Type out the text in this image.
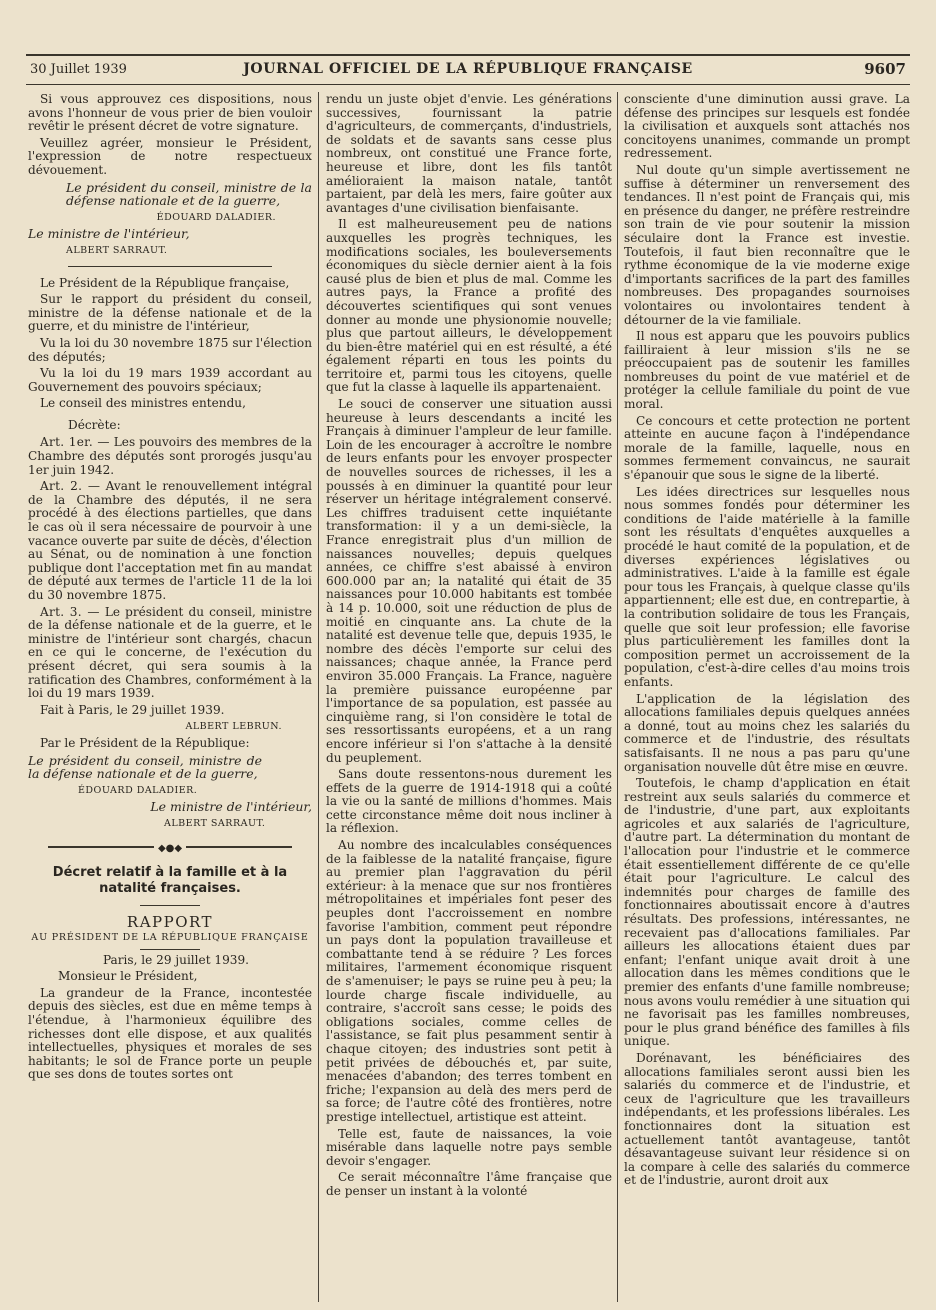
30 Juillet 1939	JOURNAL OFFICIEL DE LA RÉPUBLIQUE FRANÇAISE	9607

Si vous approuvez ces dispositions, nous avons l'honneur de vous prier de bien vouloir revêtir le présent décret de votre signature.

Veuillez agréer, monsieur le Président, l'expression de notre respectueux dévouement.

Le président du conseil, ministre de la défense nationale et de la guerre,

ÉDOUARD DALADIER.

Le ministre de l'intérieur,

ALBERT SARRAUT.

Le Président de la République française,

Sur le rapport du président du conseil, ministre de la défense nationale et de la guerre, et du ministre de l'intérieur,

Vu la loi du 30 novembre 1875 sur l'élection des députés;

Vu la loi du 19 mars 1939 accordant au Gouvernement des pouvoirs spéciaux;

Le conseil des ministres entendu,

Décrète:

Art. 1er. — Les pouvoirs des membres de la Chambre des députés sont prorogés jusqu'au 1er juin 1942.

Art. 2. — Avant le renouvellement intégral de la Chambre des députés, il ne sera procédé à des élections partielles, que dans le cas où il sera nécessaire de pourvoir à une vacance ouverte par suite de décès, d'élection au Sénat, ou de nomination à une fonction publique dont l'acceptation met fin au mandat de député aux termes de l'article 11 de la loi du 30 novembre 1875.

Art. 3. — Le président du conseil, ministre de la défense nationale et de la guerre, et le ministre de l'intérieur sont chargés, chacun en ce qui le concerne, de l'exécution du présent décret, qui sera soumis à la ratification des Chambres, conformément à la loi du 19 mars 1939.

Fait à Paris, le 29 juillet 1939.

ALBERT LEBRUN.

Par le Président de la République:

Le président du conseil, ministre de la défense nationale et de la guerre,

ÉDOUARD DALADIER.

Le ministre de l'intérieur,

ALBERT SARRAUT.

◆●◆
Décret relatif à la famille et à la natalité françaises.
RAPPORT
AU PRÉSIDENT DE LA RÉPUBLIQUE FRANÇAISE

Paris, le 29 juillet 1939.

Monsieur le Président,

La grandeur de la France, incontestée depuis des siècles, est due en même temps à l'étendue, à l'harmonieux équilibre des richesses dont elle dispose, et aux qualités intellectuelles, physiques et morales de ses habitants; le sol de France porte un peuple que ses dons de toutes sortes ont

rendu un juste objet d'envie. Les générations successives, fournissant la patrie d'agriculteurs, de commerçants, d'industriels, de soldats et de savants sans cesse plus nombreux, ont constitué une France forte, heureuse et libre, dont les fils tantôt amélioraient la maison natale, tantôt partaient, par delà les mers, faire goûter aux avantages d'une civilisation bienfaisante.

Il est malheureusement peu de nations auxquelles les progrès techniques, les modifications sociales, les bouleversements économiques du siècle dernier aient à la fois causé plus de bien et plus de mal. Comme les autres pays, la France a profité des découvertes scientifiques qui sont venues donner au monde une physionomie nouvelle; plus que partout ailleurs, le développement du bien-être matériel qui en est résulté, a été également réparti en tous les points du territoire et, parmi tous les citoyens, quelle que fut la classe à laquelle ils appartenaient.

Le souci de conserver une situation aussi heureuse à leurs descendants a incité les Français à diminuer l'ampleur de leur famille. Loin de les encourager à accroître le nombre de leurs enfants pour les envoyer prospecter de nouvelles sources de richesses, il les a poussés à en diminuer la quantité pour leur réserver un héritage intégralement conservé. Les chiffres traduisent cette inquiétante transformation: il y a un demi-siècle, la France enregistrait plus d'un million de naissances nouvelles; depuis quelques années, ce chiffre s'est abaissé à environ 600.000 par an; la natalité qui était de 35 naissances pour 10.000 habitants est tombée à 14 p. 10.000, soit une réduction de plus de moitié en cinquante ans. La chute de la natalité est devenue telle que, depuis 1935, le nombre des décès l'emporte sur celui des naissances; chaque année, la France perd environ 35.000 Français. La France, naguère la première puissance européenne par l'importance de sa population, est passée au cinquième rang, si l'on considère le total de ses ressortissants européens, et a un rang encore inférieur si l'on s'attache à la densité du peuplement.

Sans doute ressentons-nous durement les effets de la guerre de 1914-1918 qui a coûté la vie ou la santé de millions d'hommes. Mais cette circonstance même doit nous incliner à la réflexion.

Au nombre des incalculables conséquences de la faiblesse de la natalité française, figure au premier plan l'aggravation du péril extérieur: à la menace que sur nos frontières métropolitaines et impériales font peser des peuples dont l'accroissement en nombre favorise l'ambition, comment peut répondre un pays dont la population travailleuse et combattante tend à se réduire ? Les forces militaires, l'armement économique risquent de s'amenuiser; le pays se ruine peu à peu; la lourde charge fiscale individuelle, au contraire, s'accroît sans cesse; le poids des obligations sociales, comme celles de l'assistance, se fait plus pesamment sentir à chaque citoyen; des industries sont petit à petit privées de débouchés et, par suite, menacées d'abandon; des terres tombent en friche; l'expansion au delà des mers perd de sa force; de l'autre côté des frontières, notre prestige intellectuel, artistique est atteint.

Telle est, faute de naissances, la voie misérable dans laquelle notre pays semble devoir s'engager.

Ce serait méconnaître l'âme française que de penser un instant à la volonté

consciente d'une diminution aussi grave. La défense des principes sur lesquels est fondée la civilisation et auxquels sont attachés nos concitoyens unanimes, commande un prompt redressement.

Nul doute qu'un simple avertissement ne suffise à déterminer un renversement des tendances. Il n'est point de Français qui, mis en présence du danger, ne préfère restreindre son train de vie pour soutenir la mission séculaire dont la France est investie. Toutefois, il faut bien reconnaître que le rythme économique de la vie moderne exige d'importants sacrifices de la part des familles nombreuses. Des propagandes sournoises volontaires ou involontaires tendent à détourner de la vie familiale.

Il nous est apparu que les pouvoirs publics failliraient à leur mission s'ils ne se préoccupaient pas de soutenir les familles nombreuses du point de vue matériel et de protéger la cellule familiale du point de vue moral.

Ce concours et cette protection ne portent atteinte en aucune façon à l'indépendance morale de la famille, laquelle, nous en sommes fermement convaincus, ne saurait s'épanouir que sous le signe de la liberté.

Les idées directrices sur lesquelles nous nous sommes fondés pour déterminer les conditions de l'aide matérielle à la famille sont les résultats d'enquêtes auxquelles a procédé le haut comité de la population, et de diverses expériences législatives ou administratives. L'aide à la famille est égale pour tous les Français, à quelque classe qu'ils appartiennent; elle est due, en contrepartie, à la contribution solidaire de tous les Français, quelle que soit leur profession; elle favorise plus particulièrement les familles dont la composition permet un accroissement de la population, c'est-à-dire celles d'au moins trois enfants.

L'application de la législation des allocations familiales depuis quelques années a donné, tout au moins chez les salariés du commerce et de l'industrie, des résultats satisfaisants. Il ne nous a pas paru qu'une organisation nouvelle dût être mise en œuvre.

Toutefois, le champ d'application en était restreint aux seuls salariés du commerce et de l'industrie, d'une part, aux exploitants agricoles et aux salariés de l'agriculture, d'autre part. La détermination du montant de l'allocation pour l'industrie et le commerce était essentiellement différente de ce qu'elle était pour l'agriculture. Le calcul des indemnités pour charges de famille des fonctionnaires aboutissait encore à d'autres résultats. Des professions, intéressantes, ne recevaient pas d'allocations familiales. Par ailleurs les allocations étaient dues par enfant; l'enfant unique avait droit à une allocation dans les mêmes conditions que le premier des enfants d'une famille nombreuse; nous avons voulu remédier à une situation qui ne favorisait pas les familles nombreuses, pour le plus grand bénéfice des familles à fils unique.

Dorénavant, les bénéficiaires des allocations familiales seront aussi bien les salariés du commerce et de l'industrie, et ceux de l'agriculture que les travailleurs indépendants, et les professions libérales. Les fonctionnaires dont la situation est actuellement tantôt avantageuse, tantôt désavantageuse suivant leur résidence si on la compare à celle des salariés du commerce et de l'industrie, auront droit aux
